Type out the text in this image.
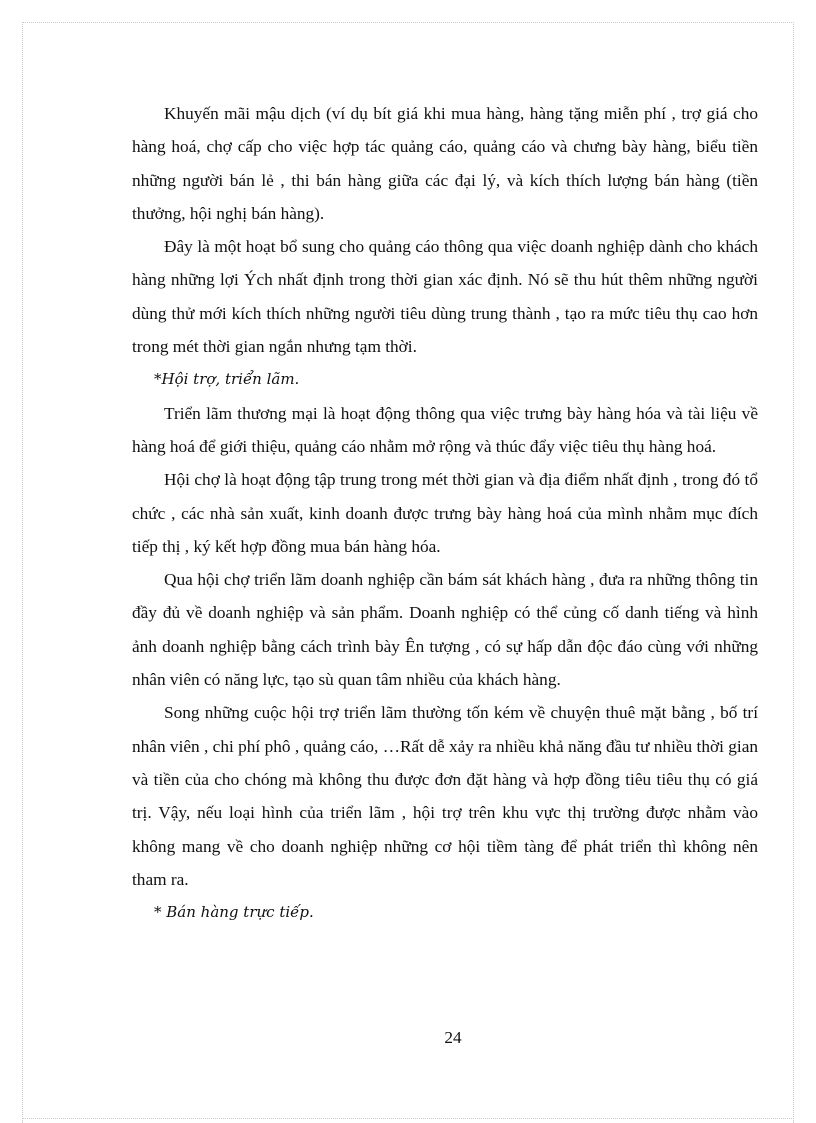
Khuyến mãi mậu dịch (ví dụ bít giá khi mua hàng, hàng tặng miễn phí , trợ giá cho hàng hoá, chợ cấp cho việc hợp tác quảng cáo, quảng cáo và chưng bày hàng, biểu tiền những người bán lẻ , thi bán hàng giữa các đại lý, và kích thích lượng bán hàng (tiền thưởng, hội nghị bán hàng).

Đây là một hoạt bổ sung cho quảng cáo thông qua việc doanh nghiệp dành cho khách hàng những lợi Ých nhất định trong thời gian xác định. Nó sẽ thu hút thêm những người dùng thử mới kích thích những người tiêu dùng trung thành , tạo ra mức tiêu thụ cao hơn trong mét thời gian ngắn nhưng tạm thời.

*Hội trợ, triển lãm.

Triển lãm thương mại là hoạt động thông qua việc trưng bày hàng hóa và tài liệu về hàng hoá để giới thiệu, quảng cáo nhằm mở rộng và thúc đẩy việc tiêu thụ hàng hoá.

Hội chợ là hoạt động tập trung trong mét thời gian và địa điểm nhất định , trong đó tổ chức , các nhà sản xuất, kinh doanh được trưng bày hàng hoá của mình nhằm mục đích tiếp thị , ký kết hợp đồng mua bán hàng hóa.

Qua hội chợ triển lãm doanh nghiệp cần bám sát khách hàng , đưa ra những thông tin đầy đủ về doanh nghiệp và sản phẩm. Doanh nghiệp có thể củng cố danh tiếng và hình ảnh doanh nghiệp bằng cách trình bày Ên tượng , có sự hấp dẫn độc đáo cùng với những nhân viên có năng lực, tạo sù quan tâm nhiều của khách hàng.

Song những cuộc hội trợ triển lãm thường tốn kém về chuyện thuê mặt bằng , bố trí nhân viên , chi phí phô , quảng cáo, …Rất dễ xảy ra nhiều khả năng đầu tư nhiều thời gian và tiền của cho chóng mà không thu được đơn đặt hàng và hợp đồng tiêu tiêu thụ có giá trị. Vậy, nếu loại hình của triển lãm , hội trợ trên khu vực thị trường được nhằm vào không mang về cho doanh nghiệp những cơ hội tiềm tàng để phát triển thì không nên tham ra.

* Bán hàng trực tiếp.

24
